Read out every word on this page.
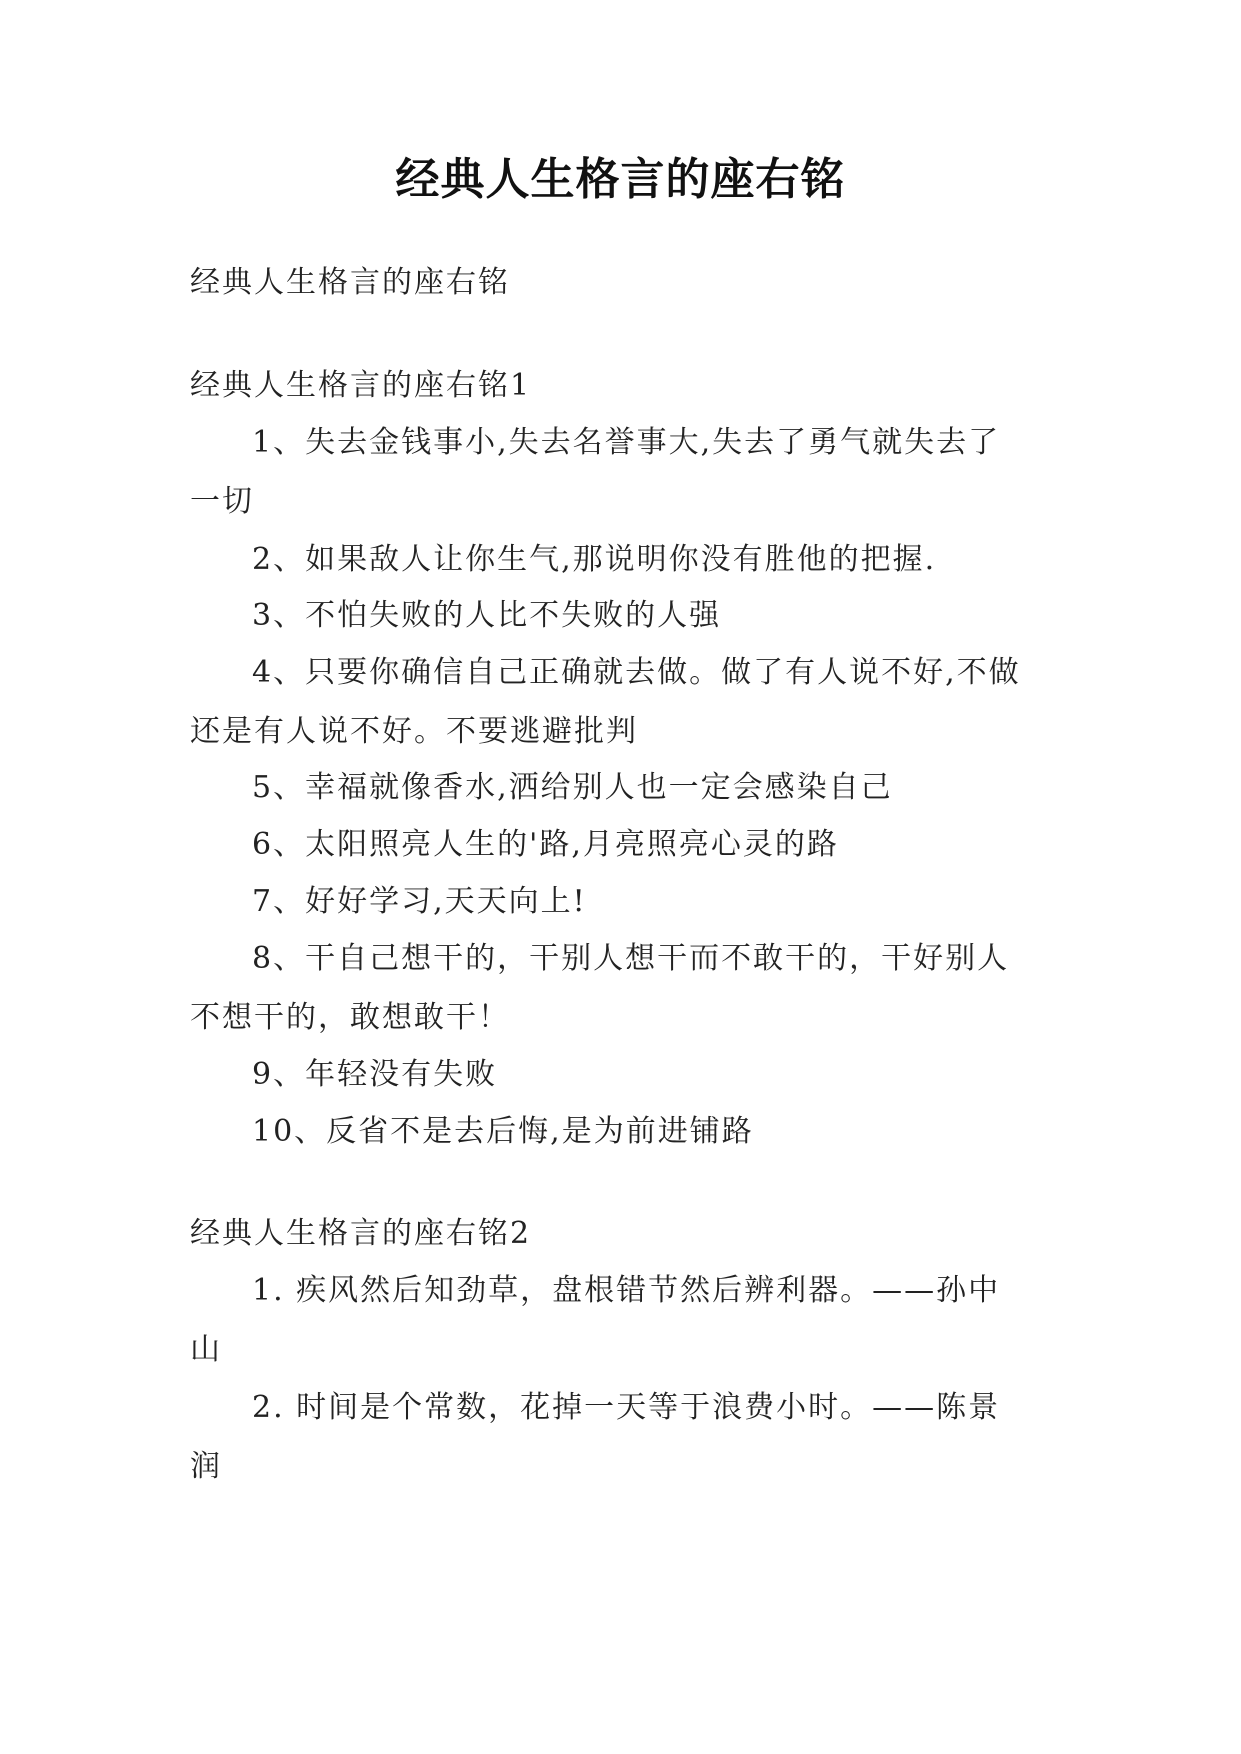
经典人生格言的座右铭
经典人生格言的座右铭
经典人生格言的座右铭1
1、失去金钱事小,失去名誉事大,失去了勇气就失去了
一切
2、如果敌人让你生气,那说明你没有胜他的把握.
3、不怕失败的人比不失败的人强
4、只要你确信自己正确就去做。做了有人说不好,不做
还是有人说不好。不要逃避批判
5、幸福就像香水,洒给别人也一定会感染自己
6、太阳照亮人生的'路,月亮照亮心灵的路
7、好好学习,天天向上!
8、干自己想干的，干别人想干而不敢干的，干好别人
不想干的，敢想敢干！
9、年轻没有失败
10、反省不是去后悔,是为前进铺路
经典人生格言的座右铭2
1. 疾风然后知劲草，盘根错节然后辨利器。——孙中
山
2. 时间是个常数，花掉一天等于浪费小时。——陈景
润
